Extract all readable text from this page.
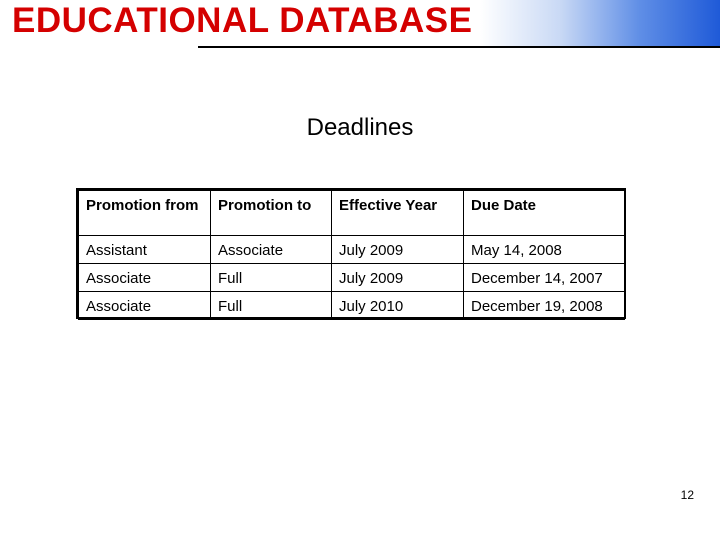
EDUCATIONAL DATABASE
Deadlines
Promotion from	Promotion to	Effective Year	Due Date
Assistant	Associate	July 2009	May 14, 2008
Associate	Full	July 2009	December 14, 2007
Associate	Full	July 2010	December 19, 2008
12
